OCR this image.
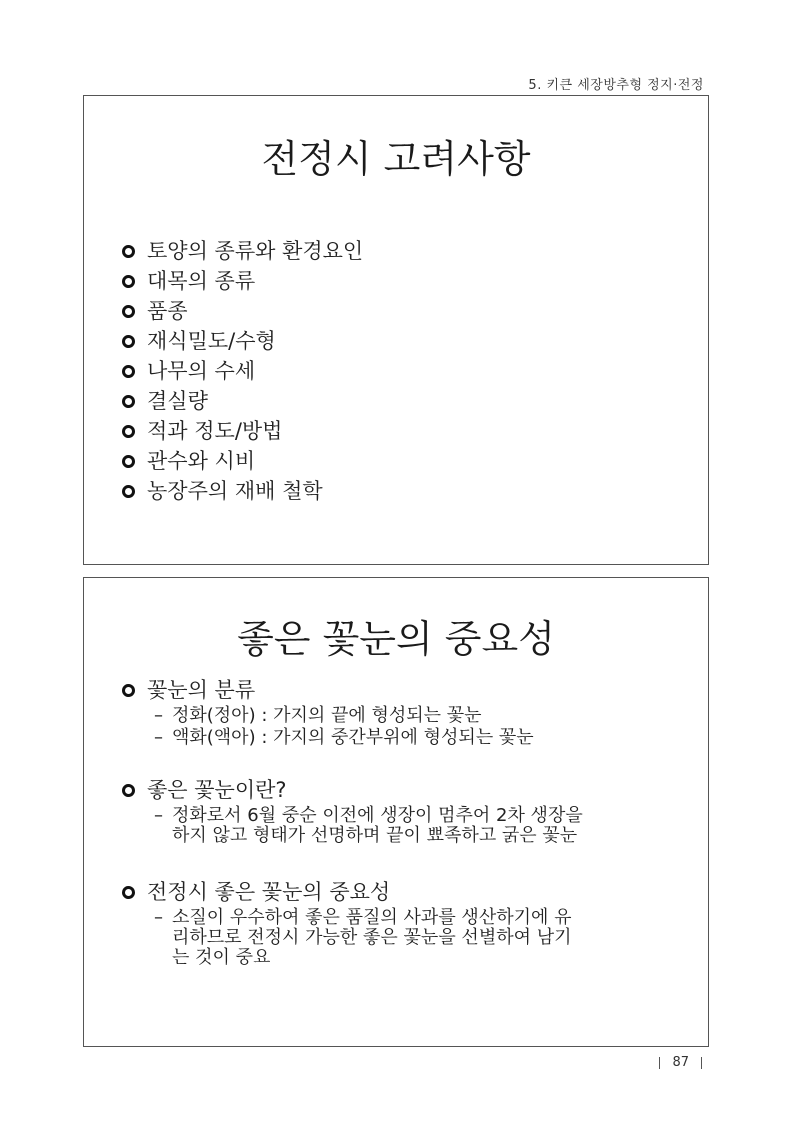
5. 키큰 세장방추형 정지·전정
전정시 고려사항
토양의 종류와 환경요인
대목의 종류
품종
재식밀도/수형
나무의 수세
결실량
적과 정도/방법
관수와 시비
농장주의 재배 철학
좋은 꽃눈의 중요성
꽃눈의 분류
– 정화(정아) : 가지의 끝에 형성되는 꽃눈
– 액화(액아) : 가지의 중간부위에 형성되는 꽃눈
좋은 꽃눈이란?
– 정화로서 6월 중순 이전에 생장이 멈추어 2차 생장을
하지 않고 형태가 선명하며 끝이 뾰족하고 굵은 꽃눈
전정시 좋은 꽃눈의 중요성
– 소질이 우수하여 좋은 품질의 사과를 생산하기에 유
리하므로 전정시 가능한 좋은 꽃눈을 선별하여 남기
는 것이 중요
87
